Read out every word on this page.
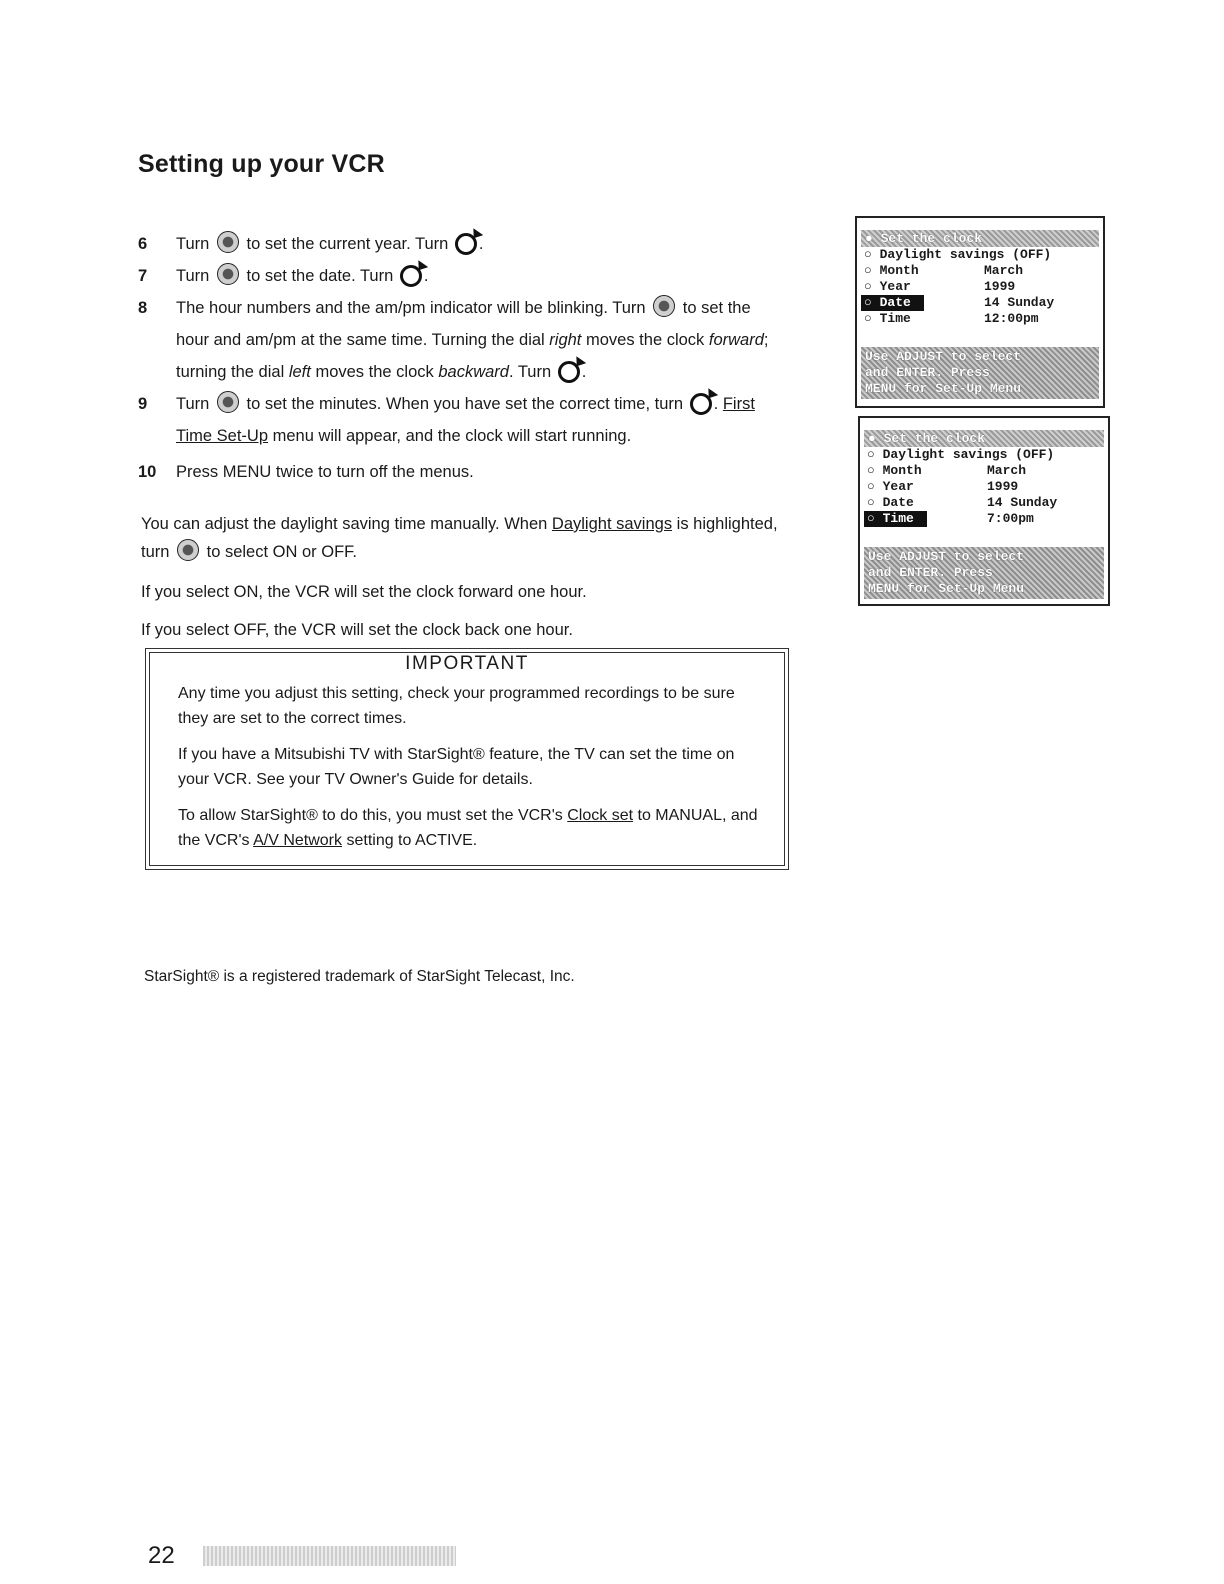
Setting up your VCR
6 Turn to set the current year. Turn .

7 Turn to set the date. Turn .

8 The hour numbers and the am/pm indicator will be blinking. Turn to set the hour and am/pm at the same time. Turning the dial right moves the clock forward; turning the dial left moves the clock backward. Turn .

9 Turn to set the minutes. When you have set the correct time, turn . First Time Set-Up menu will appear, and the clock will start running.

10 Press MENU twice to turn off the menus.

You can adjust the daylight saving time manually. When Daylight savings is highlighted, turn to select ON or OFF.

If you select ON, the VCR will set the clock forward one hour.
If you select OFF, the VCR will set the clock back one hour.
IMPORTANT

Any time you adjust this setting, check your programmed recordings to be sure they are set to the correct times.

If you have a Mitsubishi TV with StarSight® feature, the TV can set the time on your VCR. See your TV Owner's Guide for details.

To allow StarSight® to do this, you must set the VCR's Clock set to MANUAL, and the VCR's A/V Network setting to ACTIVE.

StarSight® is a registered trademark of StarSight Telecast, Inc.
22
● Set the clock
○ Daylight savings (OFF)
○ Month	March
○ Year	1999
○ Date	14 Sunday
○ Time	12:00pm
Use ADJUST to select
and ENTER. Press
MENU for Set-Up Menu
● Set the clock
○ Daylight savings (OFF)
○ Month	March
○ Year	1999
○ Date	14 Sunday
○ Time	7:00pm
Use ADJUST to select
and ENTER. Press
MENU for Set-Up Menu
